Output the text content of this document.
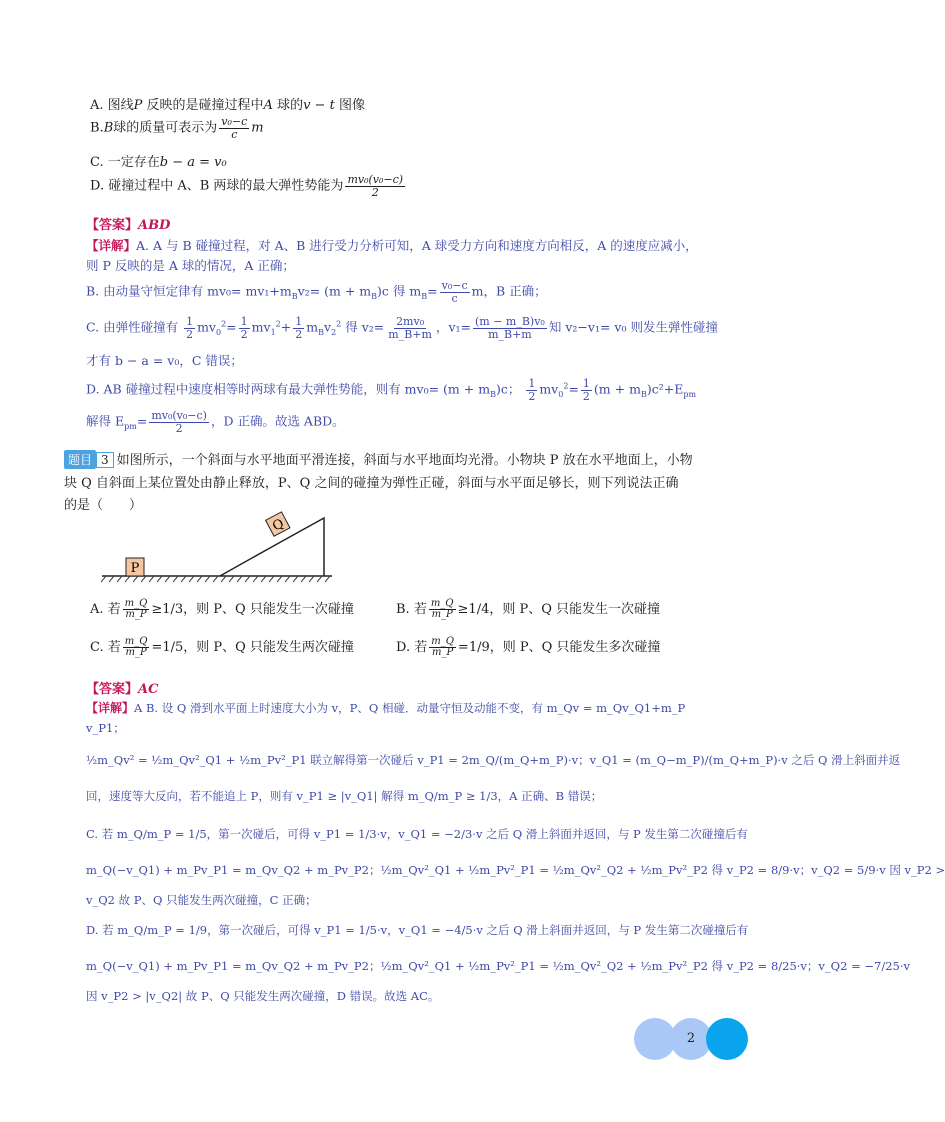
A. 图线P 反映的是碰撞过程中A 球的v − t 图像
B.B球的质量可表示为 $\frac{\text{v₀−c}}{c}$ m
C. 一定存在b − a = v₀
D. 碰撞过程中 A、B 两球的最大弹性势能为 $\frac{\text{mv₀(v₀−c)}}{2}$
【答案】ABD
【详解】A. A 与 B 碰撞过程，对 A、B 进行受力分析可知，A 球受力方向和速度方向相反，A 的速度应减小，
则 P 反映的是 A 球的情况，A 正确；
B. 由动量守恒定律有 $mv_0= mv_1+m_Bv_2= (m + m_B)c$ 得 $m_B= \frac{\text{v₀−c}}{c}$ m，B 正确；
C. 由弹性碰撞有 $\frac{1}{2} mv_0^2= \frac{1}{2} mv_1^2+ \frac{1}{2} m_Bv_2^2$ 得 $v_2= \frac{\text{2mv₀}}{m\_B+m}$ ，$v_1= \frac{\text{(m − m\_B)v₀}}{m\_B+m}$ 知 v₂−v₁= v₀ 则发生弹性碰撞
才有 b − a = v₀，C 错误；
D. AB 碰撞过程中速度相等时两球有最大弹性势能，则有 $mv_0= (m + m_B)c$； $\frac{1}{2} mv_0^2= \frac{1}{2} (m + m_B)c^2+E_{pm}$
解得 $E_{pm}= \frac{\text{mv₀(v₀−c)}}{2}$ ，D 正确。故选 ABD。
题目 3 如图所示，一个斜面与水平地面平滑连接，斜面与水平地面均光滑。小物块 P 放在水平地面上，小物
块 Q 自斜面上某位置处由静止释放，P、Q 之间的碰撞为弹性正碰，斜面与水平面足够长，则下列说法正确
的是（　　）
P
Q
A. 若 $\frac{m\_Q}{m\_P} \ge 1/3$，则 P、Q 只能发生一次碰撞	B. 若 $\frac{m\_Q}{m\_P} \ge 1/4$，则 P、Q 只能发生一次碰撞
C. 若 $\frac{m\_Q}{m\_P} =1/5$，则 P、Q 只能发生两次碰撞	D. 若 $\frac{m\_Q}{m\_P} =1/9$，则 P、Q 只能发生多次碰撞
【答案】AC
【详解】A B. 设 Q 滑到水平面上时速度大小为 v，P、Q 相碰．动量守恒及动能不变，有 m_Qv = m_Qv_Q1+m_P
v_P1；
½m_Qv² = ½m_Qv²_Q1 + ½m_Pv²_P1 联立解得第一次碰后 v_P1 = 2m_Q/(m_Q+m_P)·v；v_Q1 = (m_Q−m_P)/(m_Q+m_P)·v 之后 Q 滑上斜面并返
回，速度等大反向，若不能追上 P，则有 v_P1 ≥ |v_Q1| 解得 m_Q/m_P ≥ 1/3，A 正确、B 错误；
C. 若 m_Q/m_P = 1/5，第一次碰后，可得 v_P1 = 1/3·v，v_Q1 = −2/3·v 之后 Q 滑上斜面并返回，与 P 发生第二次碰撞后有
m_Q(−v_Q1) + m_Pv_P1 = m_Qv_Q2 + m_Pv_P2；½m_Qv²_Q1 + ½m_Pv²_P1 = ½m_Qv²_Q2 + ½m_Pv²_P2 得 v_P2 = 8/9·v；v_Q2 = 5/9·v 因 v_P2 >
v_Q2 故 P、Q 只能发生两次碰撞，C 正确；
D. 若 m_Q/m_P = 1/9，第一次碰后，可得 v_P1 = 1/5·v，v_Q1 = −4/5·v 之后 Q 滑上斜面并返回，与 P 发生第二次碰撞后有
m_Q(−v_Q1) + m_Pv_P1 = m_Qv_Q2 + m_Pv_P2；½m_Qv²_Q1 + ½m_Pv²_P1 = ½m_Qv²_Q2 + ½m_Pv²_P2 得 v_P2 = 8/25·v；v_Q2 = −7/25·v
因 v_P2 > |v_Q2| 故 P、Q 只能发生两次碰撞，D 错误。故选 AC。
2
